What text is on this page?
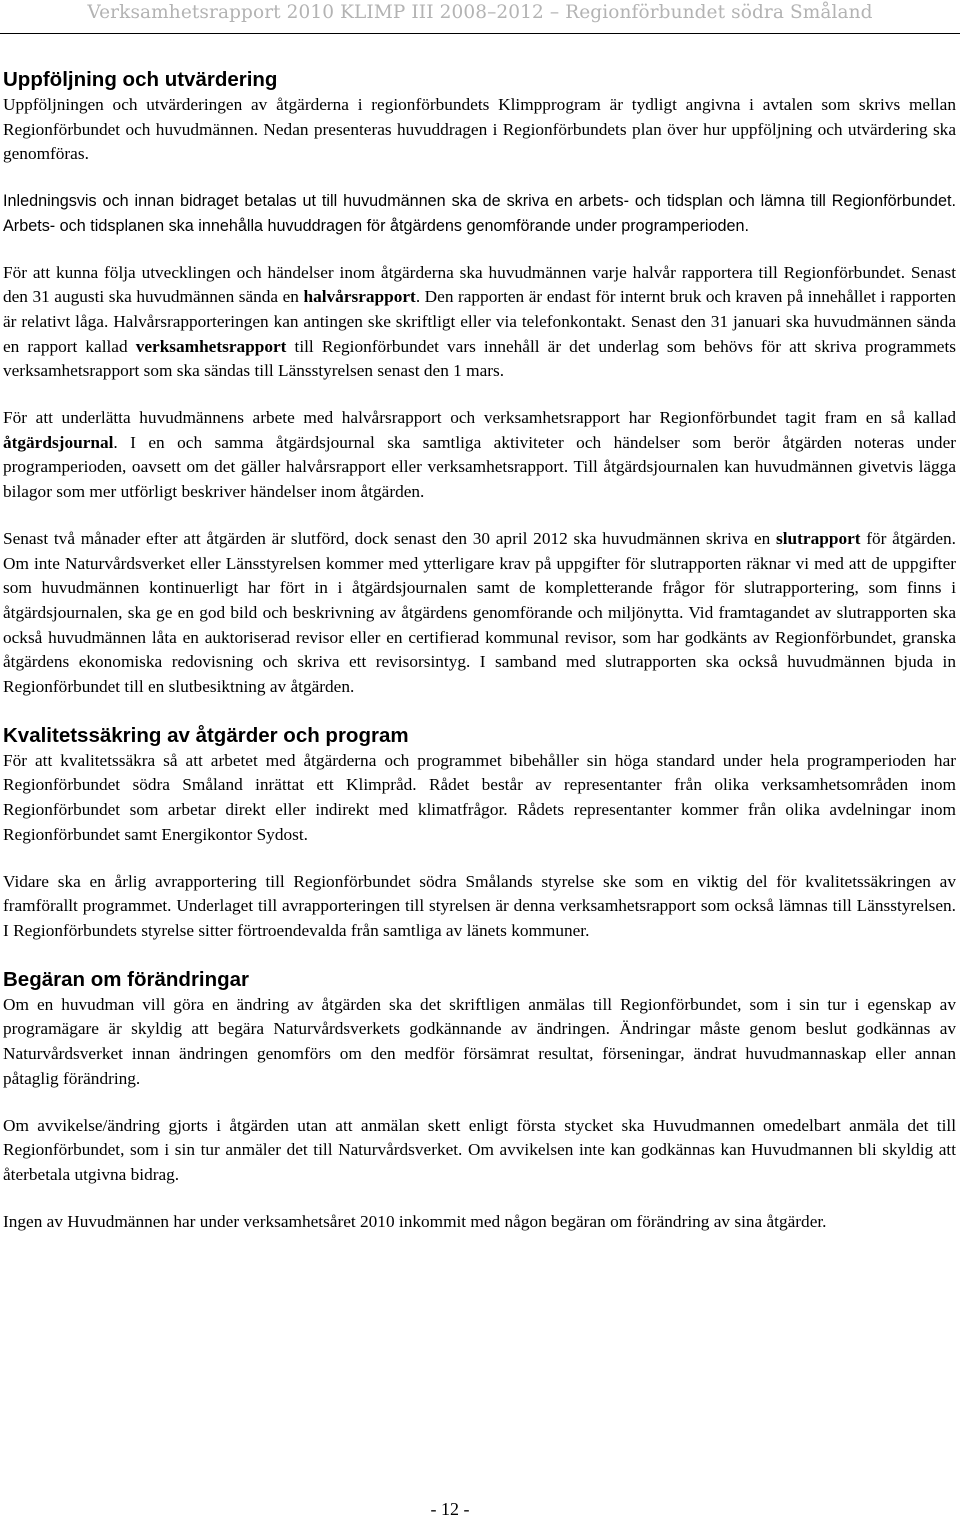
Verksamhetsrapport 2010 KLIMP III 2008–2012 – Regionförbundet södra Småland
Uppföljning och utvärdering

Uppföljningen och utvärderingen av åtgärderna i regionförbundets Klimpprogram är tydligt angivna i avtalen som skrivs mellan Regionförbundet och huvudmännen. Nedan presenteras huvuddragen i Regionförbundets plan över hur uppföljning och utvärdering ska genomföras.

Inledningsvis och innan bidraget betalas ut till huvudmännen ska de skriva en arbets- och tidsplan och lämna till Regionförbundet. Arbets- och tidsplanen ska innehålla huvuddragen för åtgärdens genomförande under programperioden.

För att kunna följa utvecklingen och händelser inom åtgärderna ska huvudmännen varje halvår rapportera till Regionförbundet. Senast den 31 augusti ska huvudmännen sända en halvårsrapport. Den rapporten är endast för internt bruk och kraven på innehållet i rapporten är relativt låga. Halvårsrapporteringen kan antingen ske skriftligt eller via telefonkontakt. Senast den 31 januari ska huvudmännen sända en rapport kallad verksamhetsrapport till Regionförbundet vars innehåll är det underlag som behövs för att skriva programmets verksamhetsrapport som ska sändas till Länsstyrelsen senast den 1 mars.

För att underlätta huvudmännens arbete med halvårsrapport och verksamhetsrapport har Regionförbundet tagit fram en så kallad åtgärdsjournal. I en och samma åtgärdsjournal ska samtliga aktiviteter och händelser som berör åtgärden noteras under programperioden, oavsett om det gäller halvårsrapport eller verksamhetsrapport. Till åtgärdsjournalen kan huvudmännen givetvis lägga bilagor som mer utförligt beskriver händelser inom åtgärden.

Senast två månader efter att åtgärden är slutförd, dock senast den 30 april 2012 ska huvudmännen skriva en slutrapport för åtgärden. Om inte Naturvårdsverket eller Länsstyrelsen kommer med ytterligare krav på uppgifter för slutrapporten räknar vi med att de uppgifter som huvudmännen kontinuerligt har fört in i åtgärdsjournalen samt de kompletterande frågor för slutrapportering, som finns i åtgärdsjournalen, ska ge en god bild och beskrivning av åtgärdens genomförande och miljönytta. Vid framtagandet av slutrapporten ska också huvudmännen låta en auktoriserad revisor eller en certifierad kommunal revisor, som har godkänts av Regionförbundet, granska åtgärdens ekonomiska redovisning och skriva ett revisorsintyg. I samband med slutrapporten ska också huvudmännen bjuda in Regionförbundet till en slutbesiktning av åtgärden.

Kvalitetssäkring av åtgärder och program

För att kvalitetssäkra så att arbetet med åtgärderna och programmet bibehåller sin höga standard under hela programperioden har Regionförbundet södra Småland inrättat ett Klimpråd. Rådet består av representanter från olika verksamhetsområden inom Regionförbundet som arbetar direkt eller indirekt med klimatfrågor. Rådets representanter kommer från olika avdelningar inom Regionförbundet samt Energikontor Sydost.

Vidare ska en årlig avrapportering till Regionförbundet södra Smålands styrelse ske som en viktig del för kvalitetssäkringen av framförallt programmet. Underlaget till avrapporteringen till styrelsen är denna verksamhetsrapport som också lämnas till Länsstyrelsen. I Regionförbundets styrelse sitter förtroendevalda från samtliga av länets kommuner.

Begäran om förändringar

Om en huvudman vill göra en ändring av åtgärden ska det skriftligen anmälas till Regionförbundet, som i sin tur i egenskap av programägare är skyldig att begära Naturvårdsverkets godkännande av ändringen. Ändringar måste genom beslut godkännas av Naturvårdsverket innan ändringen genomförs om den medför försämrat resultat, förseningar, ändrat huvudmannaskap eller annan påtaglig förändring.

Om avvikelse/ändring gjorts i åtgärden utan att anmälan skett enligt första stycket ska Huvudmannen omedelbart anmäla det till Regionförbundet, som i sin tur anmäler det till Naturvårdsverket. Om avvikelsen inte kan godkännas kan Huvudmannen bli skyldig att återbetala utgivna bidrag.

Ingen av Huvudmännen har under verksamhetsåret 2010 inkommit med någon begäran om förändring av sina åtgärder.

- 12 -
